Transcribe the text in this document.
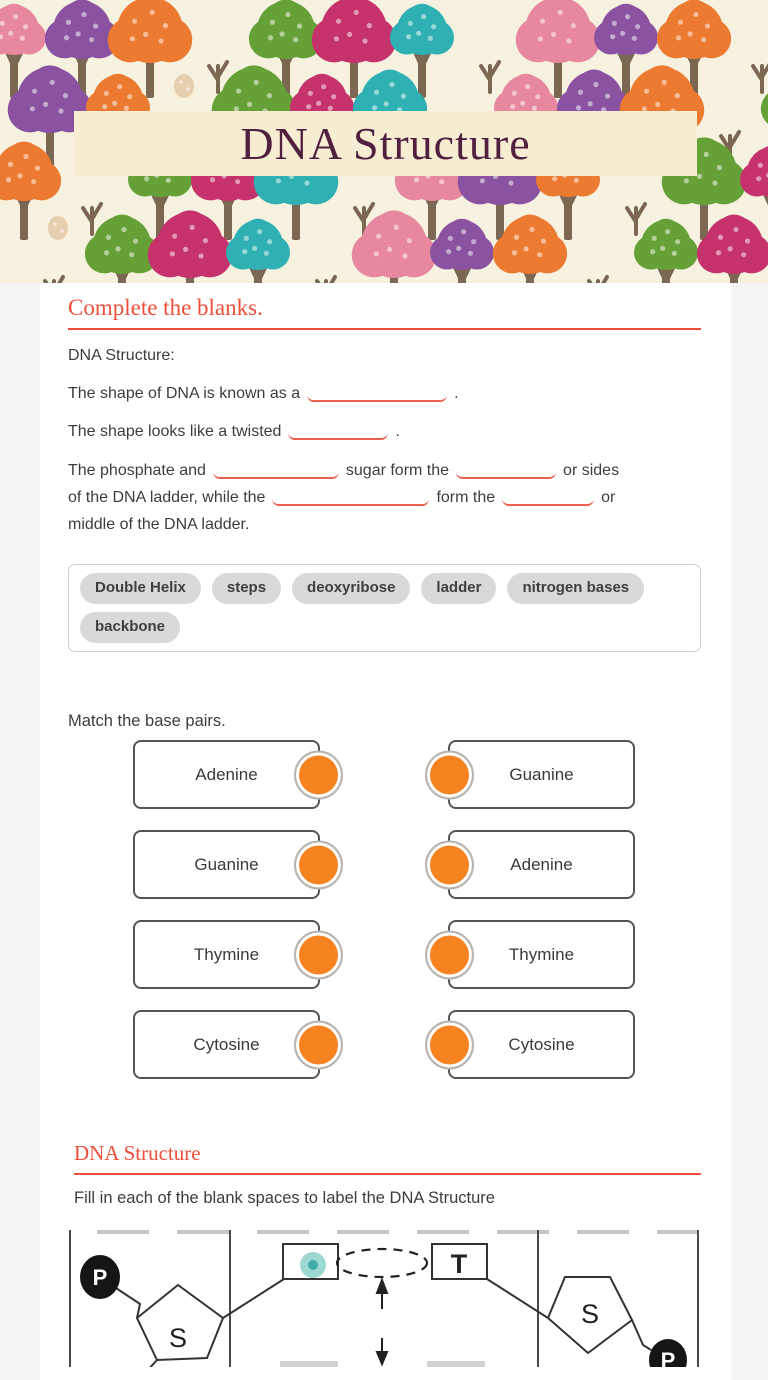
DNA Structure
Complete the blanks.

DNA Structure:

The shape of DNA is known as a	.

The shape looks like a twisted	.

The phosphate and	sugar form the	or sides
of the DNA ladder, while the	form the	or
middle of the DNA ladder.
Double Helix	steps	deoxyribose	ladder	nitrogen bases
backbone

Match the base pairs.

Adenine	Guanine
Guanine	Adenine
Thymine	Thymine
Cytosine	Cytosine
DNA Structure

Fill in each of the blank spaces to label the DNA Structure

P
S
T
S
P
